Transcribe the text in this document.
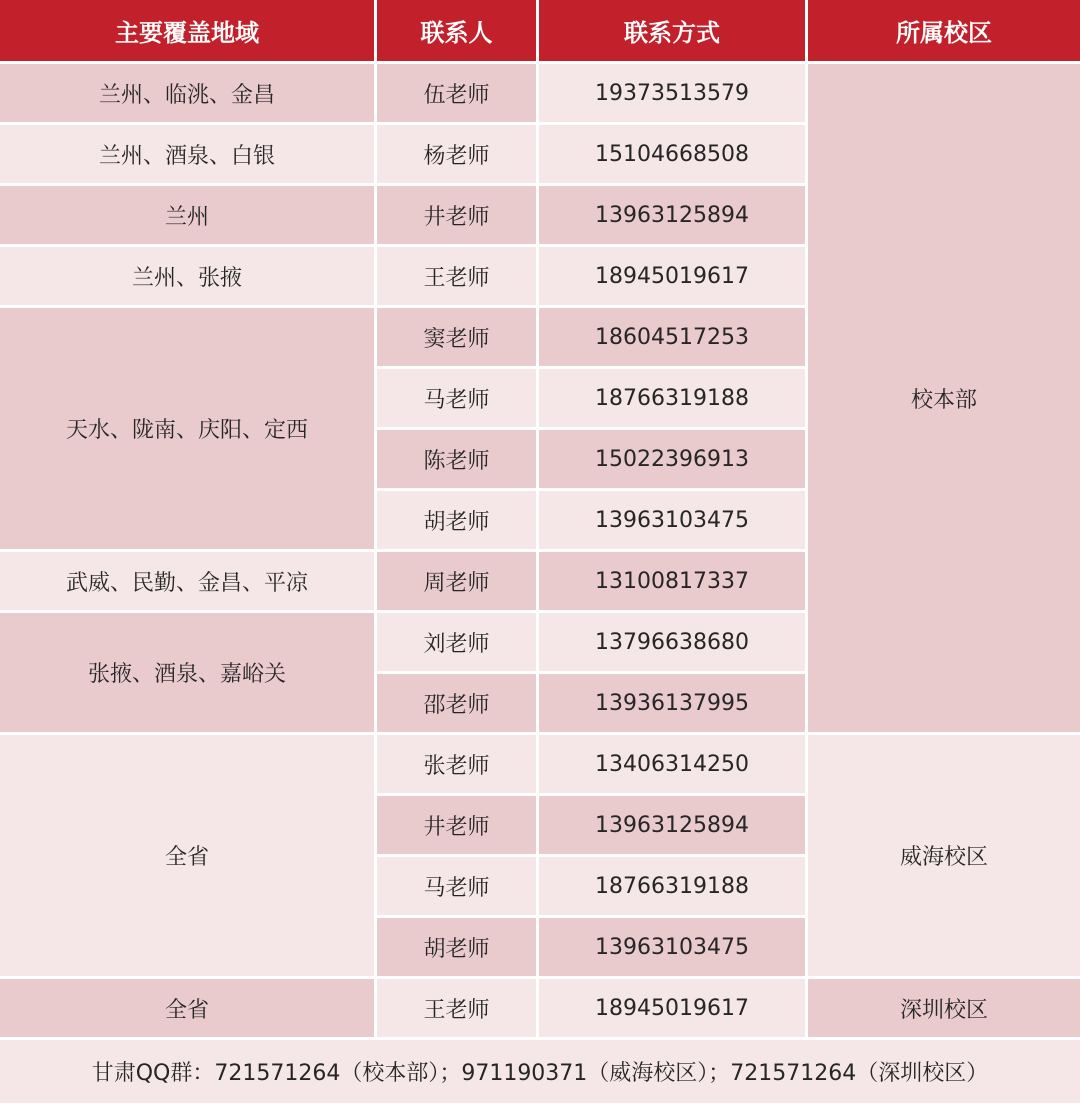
主要覆盖地域	联系人	联系方式	所属校区
兰州、临洮、金昌	伍老师	19373513579	校本部
兰州、酒泉、白银	杨老师	15104668508	
兰州	井老师	13963125894	
兰州、张掖	王老师	18945019617	
天水、陇南、庆阳、定西	窦老师	18604517253	
	马老师	18766319188	
	陈老师	15022396913	
	胡老师	13963103475	
武威、民勤、金昌、平凉	周老师	13100817337	
张掖、酒泉、嘉峪关	刘老师	13796638680	
	邵老师	13936137995	
全省	张老师	13406314250	威海校区
	井老师	13963125894	
	马老师	18766319188	
	胡老师	13963103475	
全省	王老师	18945019617	深圳校区
甘肃QQ群：721571264（校本部）；971190371（威海校区）；721571264（深圳校区）			
